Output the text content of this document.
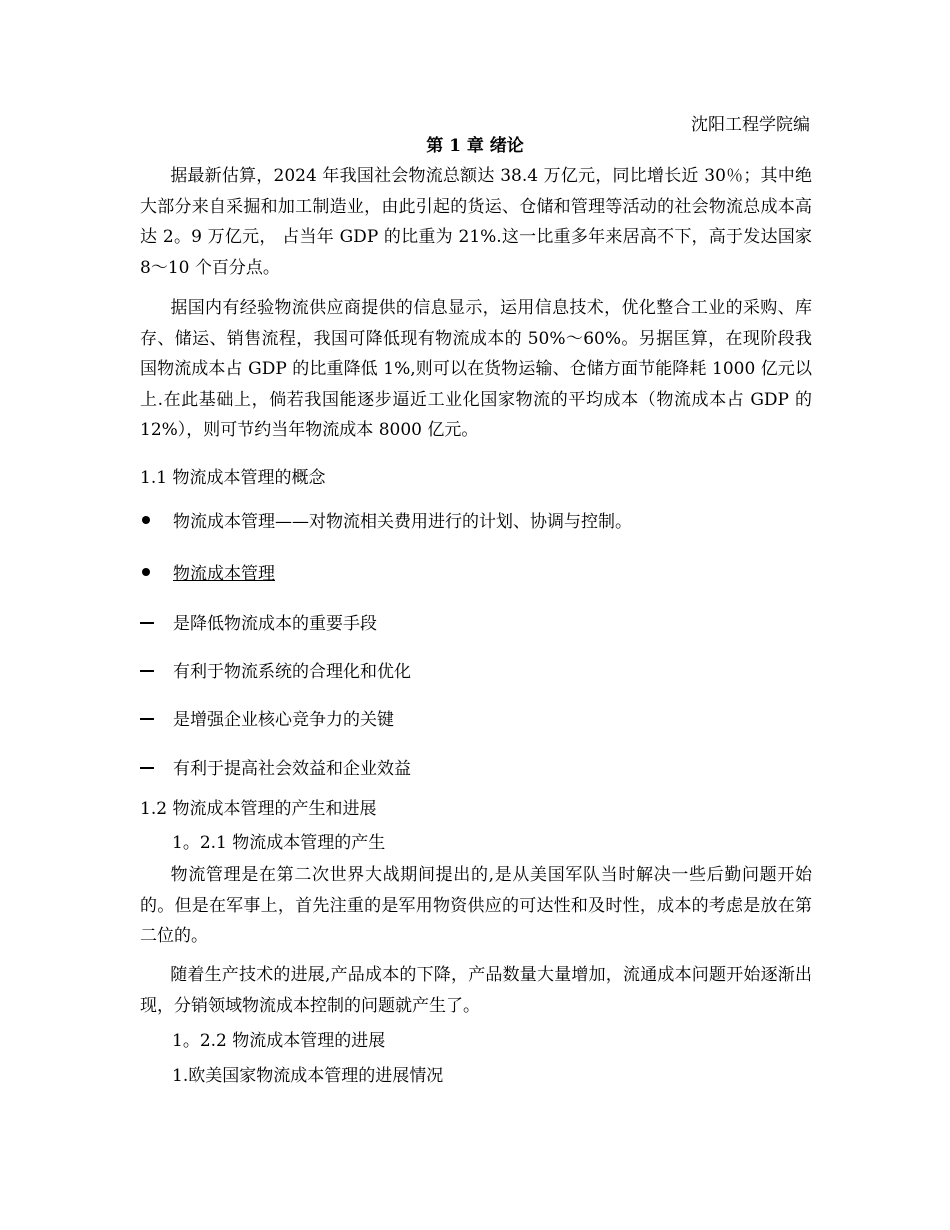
沈阳工程学院编
第 1 章 绪论

据最新估算，2024 年我国社会物流总额达 38.4 万亿元，同比增长近 30％；其中绝大部分来自采掘和加工制造业，由此引起的货运、仓储和管理等活动的社会物流总成本高达 2。9 万亿元， 占当年 GDP 的比重为 21%.这一比重多年来居高不下，高于发达国家 8～10 个百分点。

据国内有经验物流供应商提供的信息显示，运用信息技术，优化整合工业的采购、库存、储运、销售流程，我国可降低现有物流成本的 50%～60%。另据匡算，在现阶段我国物流成本占 GDP 的比重降低 1%,则可以在货物运输、仓储方面节能降耗 1000 亿元以上.在此基础上，倘若我国能逐步逼近工业化国家物流的平均成本（物流成本占 GDP 的 12%），则可节约当年物流成本 8000 亿元。

1.1 物流成本管理的概念
物流成本管理——对物流相关费用进行的计划、协调与控制。
物流成本管理
是降低物流成本的重要手段
有利于物流系统的合理化和优化
是增强企业核心竞争力的关键
有利于提高社会效益和企业效益
1.2 物流成本管理的产生和进展
1。2.1 物流成本管理的产生

物流管理是在第二次世界大战期间提出的,是从美国军队当时解决一些后勤问题开始的。但是在军事上，首先注重的是军用物资供应的可达性和及时性，成本的考虑是放在第二位的。

随着生产技术的进展,产品成本的下降，产品数量大量增加，流通成本问题开始逐渐出现，分销领域物流成本控制的问题就产生了。

1。2.2 物流成本管理的进展
1.欧美国家物流成本管理的进展情况
